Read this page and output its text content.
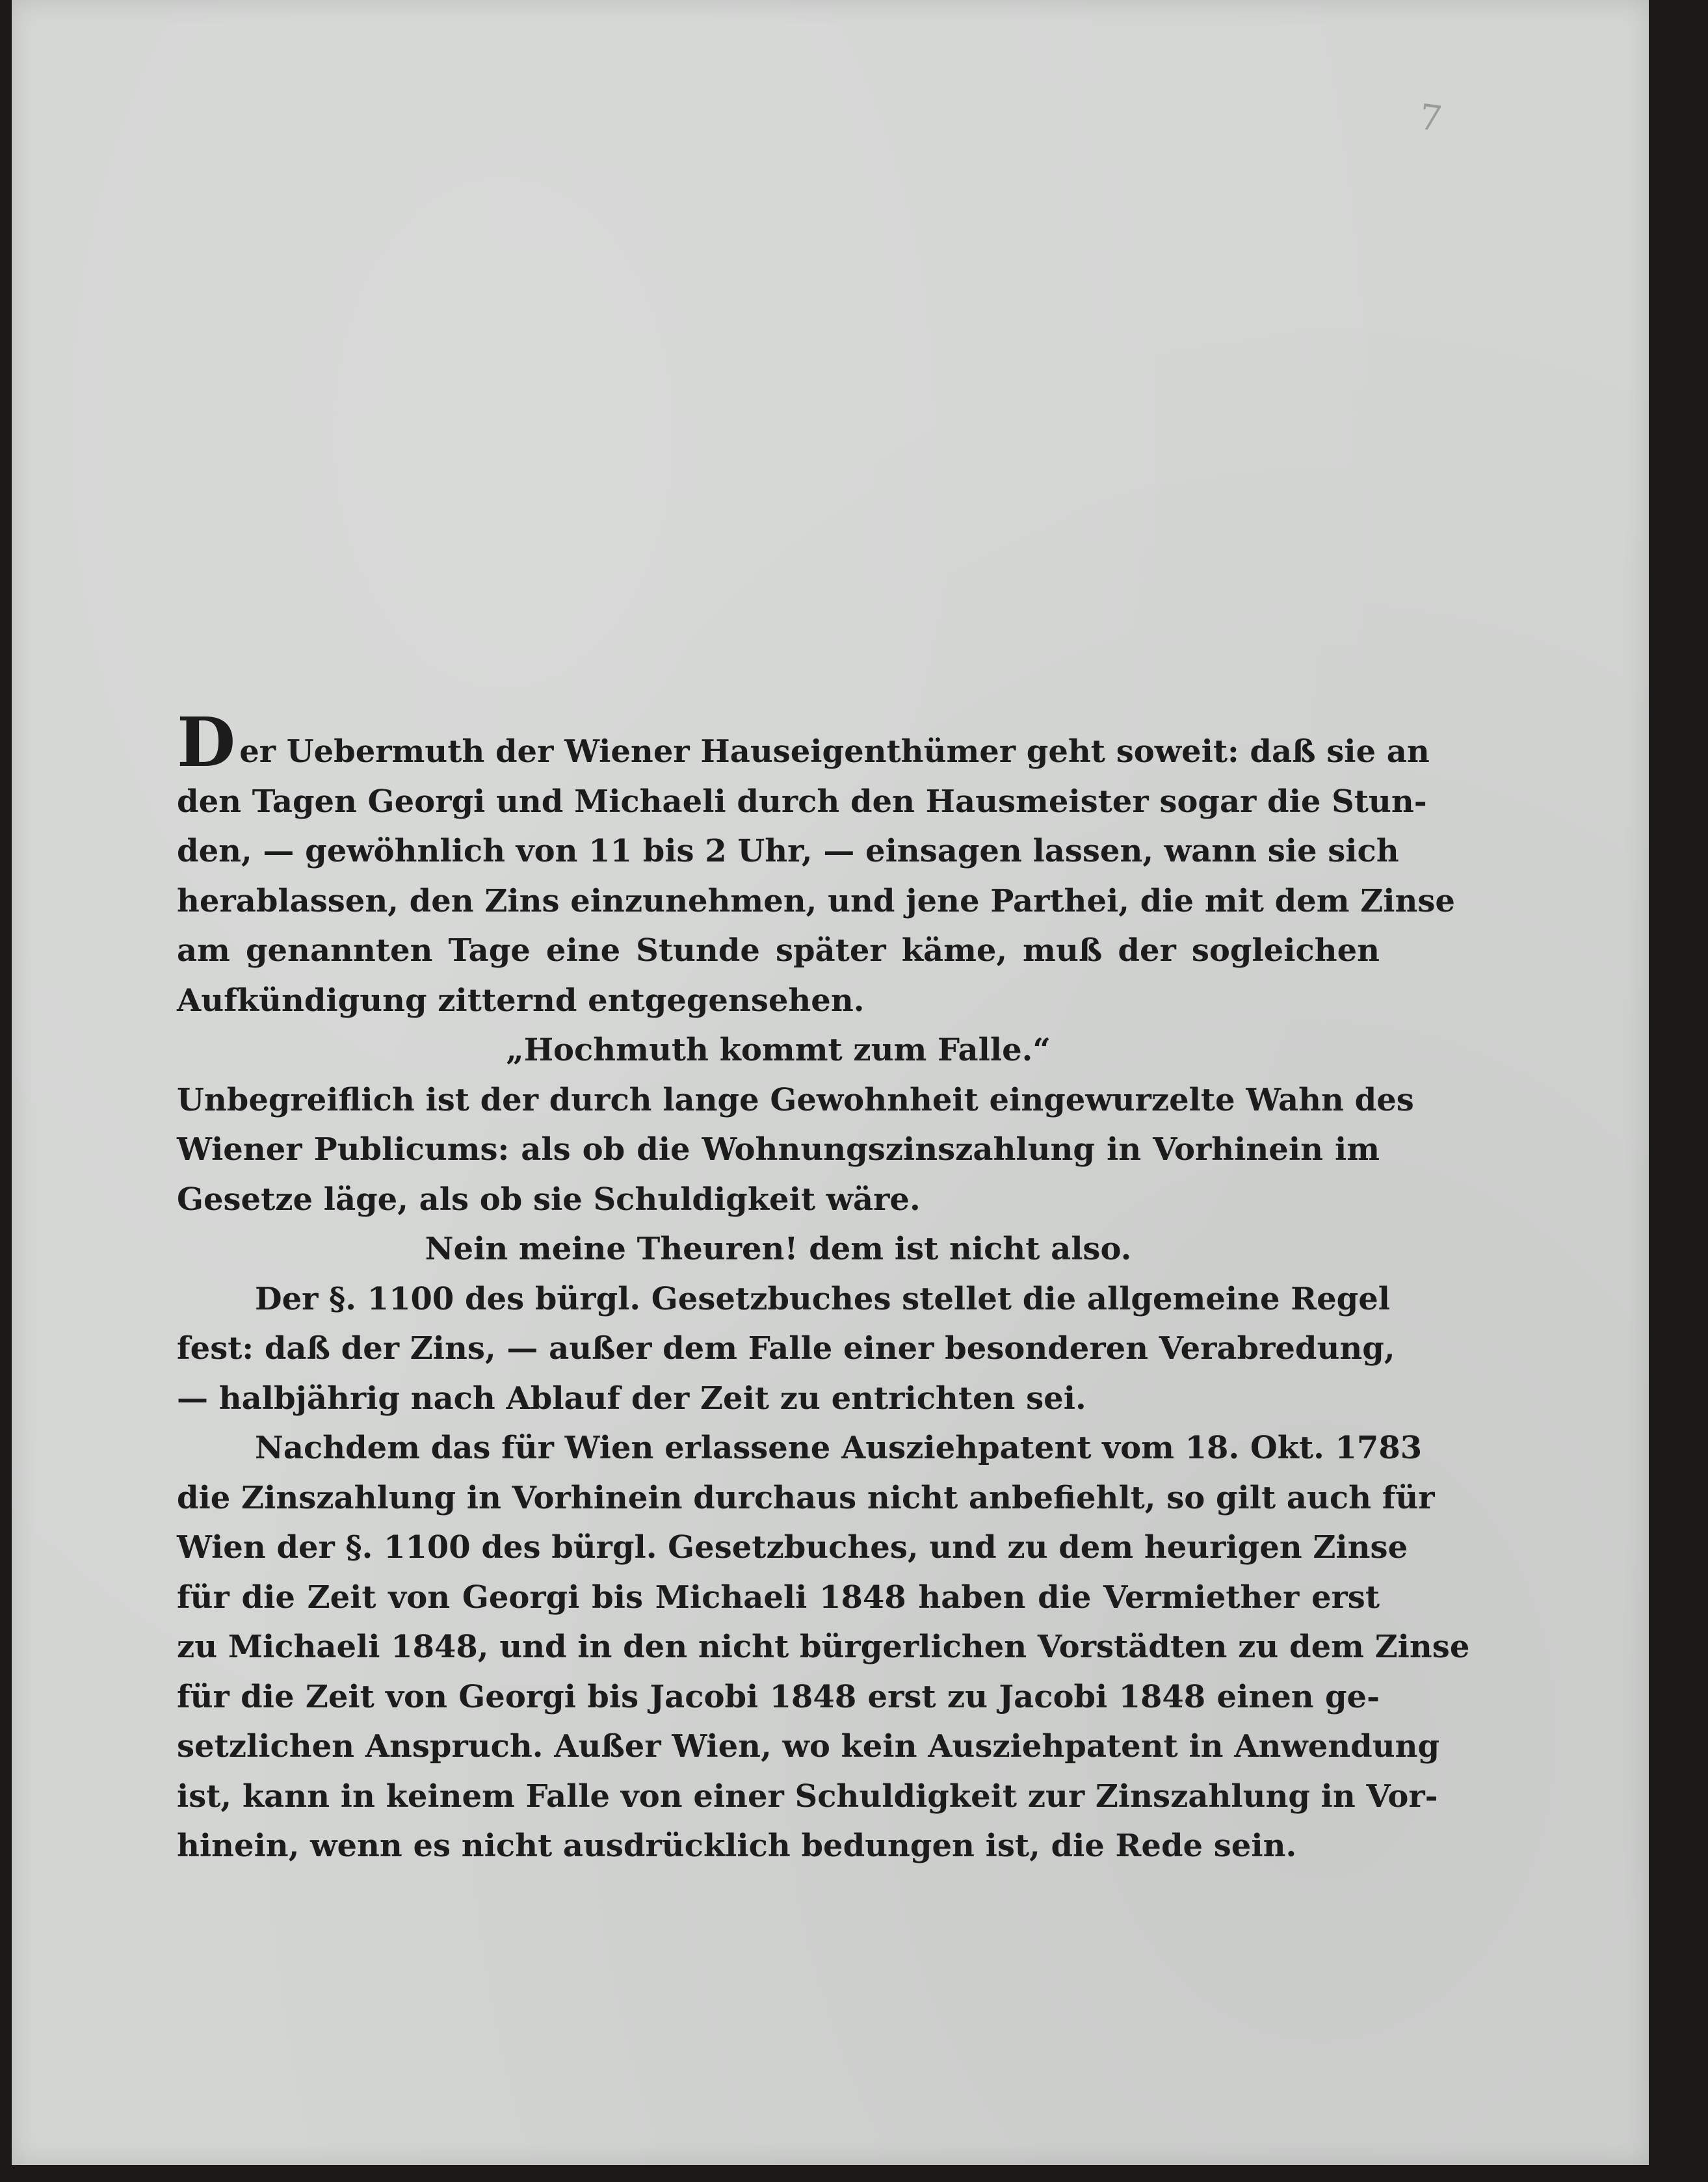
7

Der Uebermuth der Wiener Hauseigenthümer geht soweit: daß sie an
den Tagen Georgi und Michaeli durch den Hausmeister sogar die Stun-
den, — gewöhnlich von 11 bis 2 Uhr, — einsagen lassen, wann sie sich
herablassen, den Zins einzunehmen, und jene Parthei, die mit dem Zinse
am genannten Tage eine Stunde später käme, muß der sogleichen
Aufkündigung zitternd entgegensehen.

„Hochmuth kommt zum Falle.“

Unbegreiflich ist der durch lange Gewohnheit eingewurzelte Wahn des
Wiener Publicums: als ob die Wohnungszinszahlung in Vorhinein im
Gesetze läge, als ob sie Schuldigkeit wäre.

Nein meine Theuren! dem ist nicht also.

Der §. 1100 des bürgl. Gesetzbuches stellet die allgemeine Regel
fest: daß der Zins, — außer dem Falle einer besonderen Verabredung,
— halbjährig nach Ablauf der Zeit zu entrichten sei.

Nachdem das für Wien erlassene Ausziehpatent vom 18. Okt. 1783
die Zinszahlung in Vorhinein durchaus nicht anbefiehlt, so gilt auch für
Wien der §. 1100 des bürgl. Gesetzbuches, und zu dem heurigen Zinse
für die Zeit von Georgi bis Michaeli 1848 haben die Vermiether erst
zu Michaeli 1848, und in den nicht bürgerlichen Vorstädten zu dem Zinse
für die Zeit von Georgi bis Jacobi 1848 erst zu Jacobi 1848 einen ge-
setzlichen Anspruch. Außer Wien, wo kein Ausziehpatent in Anwendung
ist, kann in keinem Falle von einer Schuldigkeit zur Zinszahlung in Vor-
hinein, wenn es nicht ausdrücklich bedungen ist, die Rede sein.
